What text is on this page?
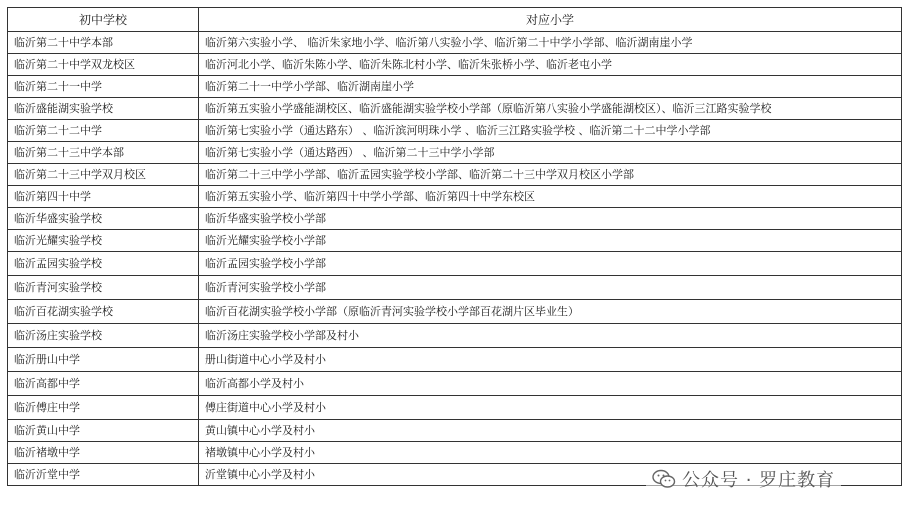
初中学校	对应小学
临沂第二十中学本部	临沂第六实验小学、 临沂朱家地小学、临沂第八实验小学、临沂第二十中学小学部、临沂湖南崖小学
临沂第二十中学双龙校区	临沂河北小学、临沂朱陈小学、临沂朱陈北村小学、临沂朱张桥小学、临沂老屯小学
临沂第二十一中学	临沂第二十一中学小学部、临沂湖南崖小学
临沂盛能湖实验学校	临沂第五实验小学盛能湖校区、临沂盛能湖实验学校小学部（原临沂第八实验小学盛能湖校区）、临沂三江路实验学校
临沂第二十二中学	临沂第七实验小学（通达路东） 、临沂滨河明珠小学 、临沂三江路实验学校 、临沂第二十二中学小学部
临沂第二十三中学本部	临沂第七实验小学（通达路西） 、临沂第二十三中学小学部
临沂第二十三中学双月校区	临沂第二十三中学小学部、临沂孟园实验学校小学部、临沂第二十三中学双月校区小学部
临沂第四十中学	临沂第五实验小学、临沂第四十中学小学部、临沂第四十中学东校区
临沂华盛实验学校	临沂华盛实验学校小学部
临沂光耀实验学校	临沂光耀实验学校小学部
临沂孟园实验学校	临沂孟园实验学校小学部
临沂青河实验学校	临沂青河实验学校小学部
临沂百花湖实验学校	临沂百花湖实验学校小学部（原临沂青河实验学校小学部百花湖片区毕业生）
临沂汤庄实验学校	临沂汤庄实验学校小学部及村小
临沂册山中学	册山街道中心小学及村小
临沂高都中学	临沂高都小学及村小
临沂傅庄中学	傅庄街道中心小学及村小
临沂黄山中学	黄山镇中心小学及村小
临沂褚墩中学	褚墩镇中心小学及村小
临沂沂堂中学	沂堂镇中心小学及村小	公众号 · 罗庄教育
